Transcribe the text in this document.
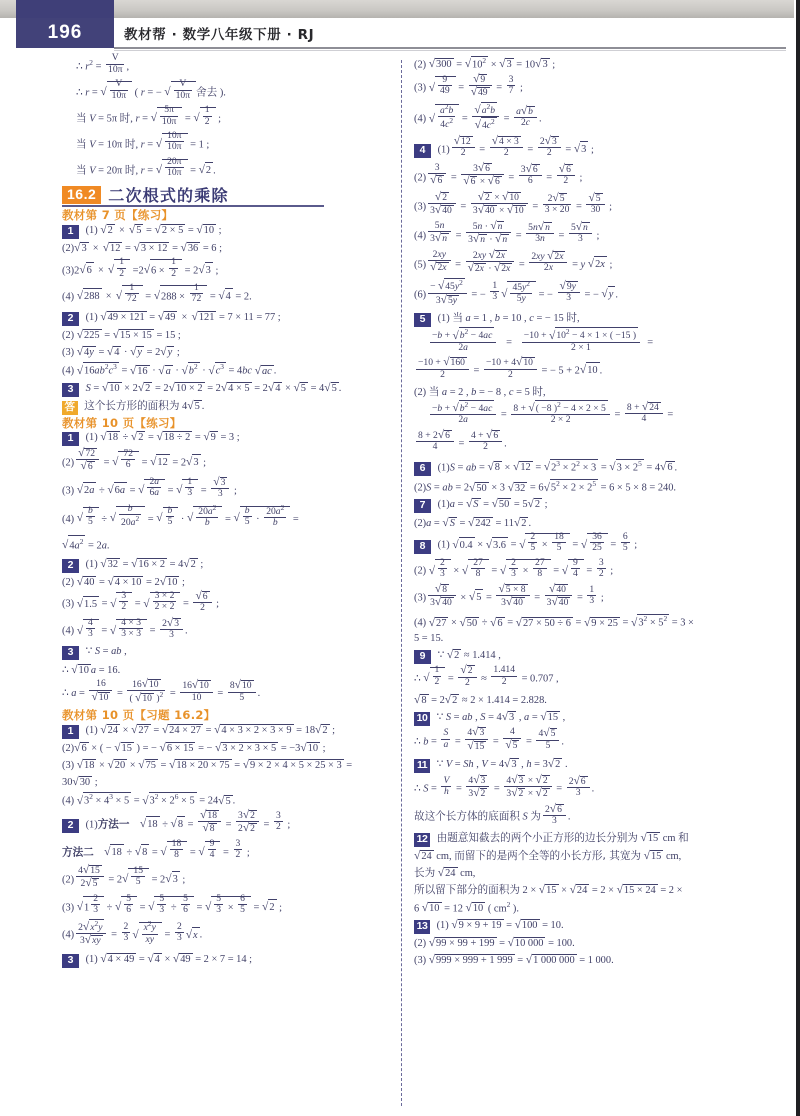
196	教材帮 · 数学八年级下册 · RJ
∴ $r^2 = \frac{V}{10\pi}$ ,
∴ r = √ $\frac{V}{10\pi}$ ( r = − √ $\frac{V}{10\pi}$ 舍去 ).
当 V = 5π 时, r = √ $\frac{5\pi}{10\pi}$ = √ $\frac{1}{2}$ ;
当 V = 10π 时, r = √ $\frac{10\pi}{10\pi} = 1$ ;
当 V = 20π 时, r = √ $\frac{20\pi}{10\pi} = √2$ .
16.2 二次根式的乘除
教材第 7 页【练习】
1 (1) √2 × √5 = √2 × 5 = √10 ;
(2)√3 × √12 = √3 × 12 = √36 = 6 ;
(3)2√6 × √ $\frac{1}{2} =2√6 \times \frac{1}{2} = 2√3$ ;
(4) √288 × √ $\frac{1}{72} = √288 \times \frac{1}{72} = √4 = 2$.
2 (1) √49 × 121 = √49 × √121 = 7 × 11 = 77 ;
(2) √225 = √15 × 15 = 15 ;
(3) √4y = √4 · √y = 2√y ;
(4) $√16ab^2c^3 = √16 \cdot √a \cdot √b^2 \cdot √c^3 = 4bc$ √ac .
3 S = √10 × 2√2 = 2√10 × 2 = 2√4 × 5 = 2√4 × √5 = 4√5 .
答 这个长方形的面积为 4√5 .
教材第 10 页【练习】
1 (1) √18 ÷ √2 = √18 ÷ 2 = √9 = 3 ;
$(2) \frac{√72}{√6}$ = √ $\frac{72}{6} = √12 = 2√3$ ;
(3) √2a ÷ √6a = √ $\frac{2a}{6a}$ = √ $\frac{1}{3} = \frac{√3}{3}$ ;
(4) √ $\frac{b}{5}$ ÷ √ $\frac{b}{20a^2}$ = √ $\frac{b}{5}$ · √ $\frac{20a^2}{b}$ = √ $\frac{b}{5} \cdot \frac{20a^2}{b}$ =
$√4a^2 = 2a$.
2 (1) √32 = √16 × 2 = 4√2 ;
(2) √40 = √4 × 10 = 2√10 ;
(3) √1.5 = √ $\frac{3}{2}$ = √ $\frac{3 \times 2}{2 \times 2} = \frac{√6}{2}$ ;
(4) √ $\frac{4}{3}$ = √ $\frac{4 \times 3}{3 \times 3} = \frac{2√3}{3}$ .
3 ∵ S = ab ,
∴ √10 a = 16.
∴ $a = \frac{16}{√10} = \frac{16√10}{( √10 )^2} = \frac{16√10}{10} = \frac{8√10}{5}$ .
教材第 10 页【习题 16.2】
1 (1) √24 × √27 = √24 × 27 = √4 × 3 × 2 × 3 × 9 = 18√2 ;
(2)√6 × ( − √15 ) = − √6 × 15 = − √3 × 2 × 3 × 5 = −3√10 ;
(3) √18 × √20 × √75 = √18 × 20 × 75 = √9 × 2 × 4 × 5 × 25 × 3 =
30√30 ;
(4) $√3^2 \times 4^3 \times 5 = √3^2 \times 2^6 \times 5 = 24√5$ .
2 (1)方法一 $√18 \div √8 = \frac{√18}{√8} = \frac{3√2}{2√2} = \frac{3}{2}$ ;
方法二 √18 ÷ √8 = √ $\frac{18}{8}$ = √ $\frac{9}{4} = \frac{3}{2}$ ;
$(2) \frac{4√15}{2√5} = 2√ \frac{15}{5} = 2√3$ ;
(3) $√1 \frac{2}{3}$ ÷ √ $\frac{5}{6}$ = √ $\frac{5}{3} \div \frac{5}{6}$ = √ $\frac{5}{3} \times \frac{6}{5} = √2$ ;
$(4) \frac{2√x^2y}{3√xy} = \frac{2}{3}$ √ $\frac{x^2y}{xy} = \frac{2}{3} √x$ .
3 (1) √4 × 49 = √4 × √49 = 2 × 7 = 14 ;
(2) $√300 = √10^2 \times √3 = 10√3$ ;
(3) √ $\frac{9}{49} = \frac{√9}{√49} = \frac{3}{7}$ ;
(4) √ $\frac{a^2b}{4c^2} = \frac{√a^2b}{√4c^2} = \frac{a√b}{2c}$ .
4 $(1) \frac{√12}{2} = \frac{√4 \times 3}{2} = \frac{2√3}{2} = √3$ ;
$(2) \frac{3}{√6} = \frac{3√6}{√6 \times √6} = \frac{3√6}{6} = \frac{√6}{2}$ ;
$(3) \frac{√2}{3√40} = \frac{√2 \times √10}{3√40 \times √10} = \frac{2√5}{3 \times 20} = \frac{√5}{30}$ ;
$(4) \frac{5n}{3√n} = \frac{5n \cdot √n}{3√n \cdot √n} = \frac{5n√n}{3n} = \frac{5√n}{3}$ ;
$(5) \frac{2xy}{√2x} = \frac{2xy √2x}{√2x \cdot √2x} = \frac{2xy √2x}{2x} = y$ √2x ;
$(6) \frac{- √45y^2}{3√5y}$ = − $\frac{1}{3}$ √ $\frac{45y^2}{5y}$ = − $\frac{√9y}{3}$ = − √y .
5 (1) 当 a = 1 , b = 10 , c = − 15 时,
$\frac{-b + √b^2 - 4ac}{2a} = \frac{-10 + √10^2 - 4 \times 1 \times ( -15 )}{2 \times 1}$ =
$\frac{-10 + √160}{2} = \frac{-10 + 4√10}{2}$ = − 5 + 2√10 .
(2) 当 a = 2 , b = − 8 , c = 5 时,
$\frac{-b + √b^2 - 4ac}{2a} = \frac{8 + √( -8 )^2 - 4 \times 2 \times 5}{2 \times 2} = \frac{8 + √24}{4}$ =
$\frac{8 + 2√6}{4} = \frac{4 + √6}{2}$ .
6 (1)S = ab = $√8 \times √12 = √2^3 \times 2^2 \times 3 = √3 \times 2^5 = 4√6$ .
(2)S = ab = 2√50 × 3 $√32 = 6√5^2 \times 2 \times 2^5 = 6 \times 5 \times 8 = 240$.
7 (1)a = √S = √50 = 5√2 ;
(2)a = √S = √242 = 11√2 .
8 (1) √0.4 × √3.6 = √ $\frac{2}{5} \times \frac{18}{5}$ = √ $\frac{36}{25} = \frac{6}{5}$ ;
(2) √ $\frac{2}{3}$ × √ $\frac{27}{8}$ = √ $\frac{2}{3} \times \frac{27}{8}$ = √ $\frac{9}{4} = \frac{3}{2}$ ;
$(3) \frac{√8}{3√40} \times √5 = \frac{√5 \times 8}{3√40} = \frac{√40}{3√40} = \frac{1}{3}$ ;
(4) $√27 \times √50 \div √6 = √27 \times 50 \div 6 = √9 \times 25 = √3^2 \times 5^2 = 3$ ×
5 = 15.
9 ∵ √2 ≈ 1.414 ,
∴ √ $\frac{1}{2} = \frac{√2}{2} \approx \frac{1.414}{2} = 0.707$ ,
√8 = 2√2 ≈ 2 × 1.414 = 2.828.
10 ∵ S = ab , S = 4√3 , a = √15 ,
∴ $b = \frac{S}{a} = \frac{4√3}{√15} = \frac{4}{√5} = \frac{4√5}{5}$ .
11 ∵ V = Sh , V = 4√3 , h = 3√2 .
∴ $S = \frac{V}{h} = \frac{4√3}{3√2} = \frac{4√3 \times √2}{3√2 \times √2} = \frac{2√6}{3}$ .
故这个长方体的底面积 S 为 $\frac{2√6}{3}$ .
12 由题意知截去的两个小正方形的边长分别为 √15 cm 和
√24 cm, 而留下的是两个全等的小长方形, 其宽为 √15 cm,
长为 √24 cm,
所以留下部分的面积为 2 × √15 × √24 = 2 × √15 × 24 = 2 ×
6 √10 = 12 √10 ( $cm^2$ ).
13 (1) √9 × 9 + 19 = √100 = 10.
(2) √99 × 99 + 199 = √10 000 = 100.
(3) √999 × 999 + 1 999 = √1 000 000 = 1 000.
